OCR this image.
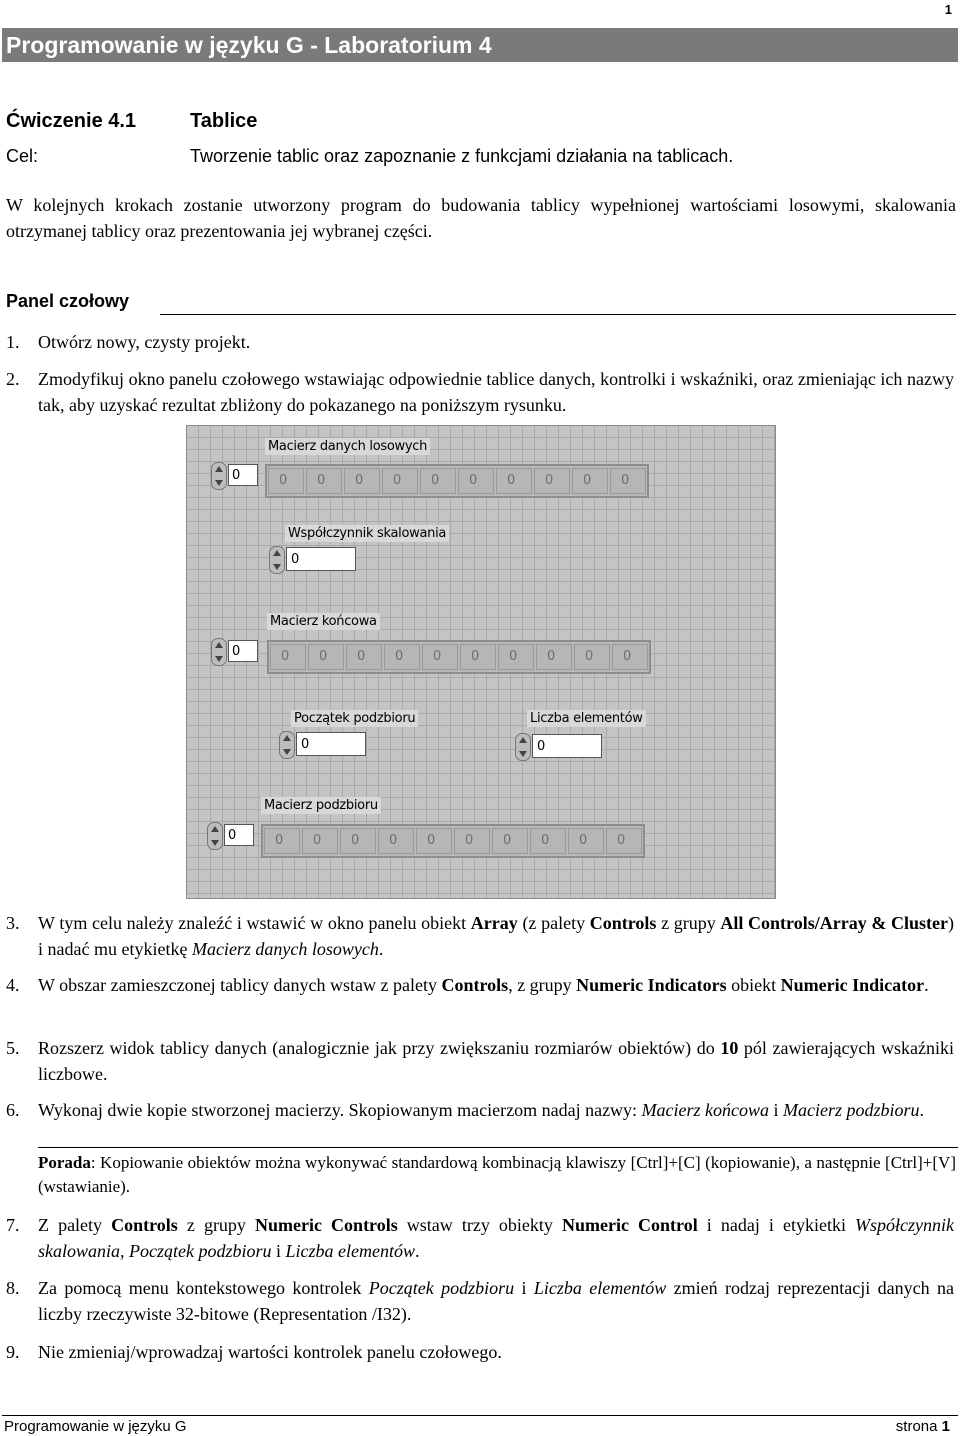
1
Programowanie w języku G - Laboratorium 4
Ćwiczenie 4.1	Tablice
Cel:	Tworzenie tablic oraz zapoznanie z funkcjami działania na tablicach.
W kolejnych krokach zostanie utworzony program do budowania tablicy wypełnionej wartościami losowymi, skalowania otrzymanej tablicy oraz prezentowania jej wybranej części.
Panel czołowy
1. Otwórz nowy, czysty projekt.
2. Zmodyfikuj okno panelu czołowego wstawiając odpowiednie tablice danych, kontrolki i wskaźniki, oraz zmieniając ich nazwy tak, aby uzyskać rezultat zbliżony do pokazanego na poniższym rysunku.
Macierz danych losowych
0	0	0	0	0	0	0	0	0	0	0
Współczynnik skalowania
0
Macierz końcowa
0	0	0	0	0	0	0	0	0	0	0
Początek podzbioru
0
Liczba elementów
0
Macierz podzbioru
0	0	0	0	0	0	0	0	0	0	0
3. W tym celu należy znaleźć i wstawić w okno panelu obiekt Array (z palety Controls z grupy All Controls/Array & Cluster) i nadać mu etykietkę Macierz danych losowych.
4. W obszar zamieszczonej tablicy danych wstaw z palety Controls, z grupy Numeric Indicators obiekt Numeric Indicator.
5. Rozszerz widok tablicy danych (analogicznie jak przy zwiększaniu rozmiarów obiektów) do 10 pól zawierających wskaźniki liczbowe.
6. Wykonaj dwie kopie stworzonej macierzy. Skopiowanym macierzom nadaj nazwy: Macierz końcowa i Macierz podzbioru.
Porada: Kopiowanie obiektów można wykonywać standardową kombinacją klawiszy [Ctrl]+[C] (kopiowanie), a następnie [Ctrl]+[V] (wstawianie).
7. Z palety Controls z grupy Numeric Controls wstaw trzy obiekty Numeric Control i nadaj i etykietki Współczynnik skalowania, Początek podzbioru i Liczba elementów.
8. Za pomocą menu kontekstowego kontrolek Początek podzbioru i Liczba elementów zmień rodzaj reprezentacji danych na liczby rzeczywiste 32-bitowe (Representation /I32).
9. Nie zmieniaj/wprowadzaj wartości kontrolek panelu czołowego.
Programowanie w języku G	strona 1
